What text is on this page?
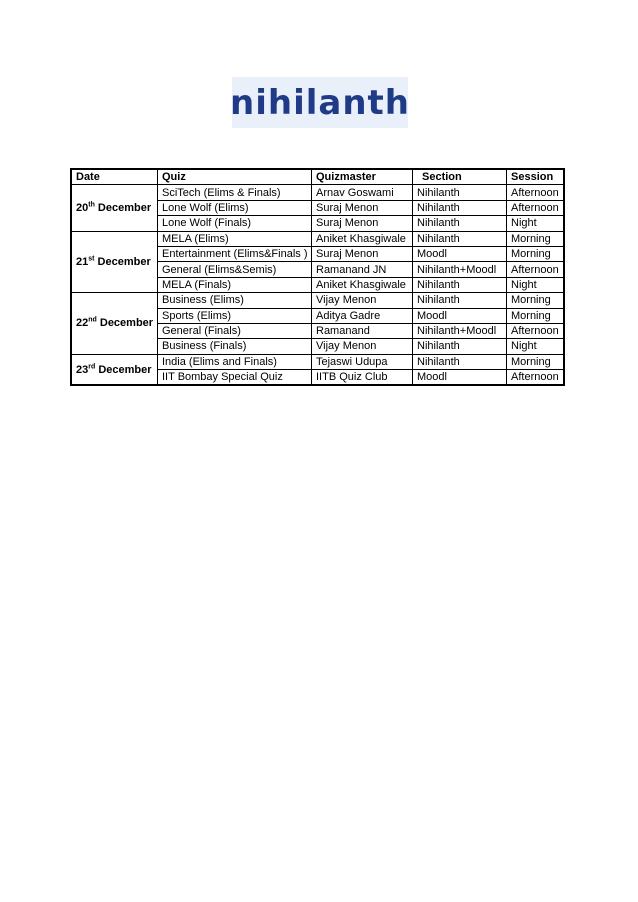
nihilanth
Date	Quiz	Quizmaster	Section	Session
20th December	SciTech (Elims & Finals)	Arnav Goswami	Nihilanth	Afternoon
	Lone Wolf (Elims)	Suraj Menon	Nihilanth	Afternoon
	Lone Wolf (Finals)	Suraj Menon	Nihilanth	Night
21st December	MELA (Elims)	Aniket Khasgiwale	Nihilanth	Morning
	Entertainment (Elims&Finals )	Suraj Menon	Moodl	Morning
	General (Elims&Semis)	Ramanand JN	Nihilanth+Moodl	Afternoon
	MELA (Finals)	Aniket Khasgiwale	Nihilanth	Night
22nd December	Business (Elims)	Vijay Menon	Nihilanth	Morning
	Sports (Elims)	Aditya Gadre	Moodl	Morning
	General (Finals)	Ramanand	Nihilanth+Moodl	Afternoon
	Business (Finals)	Vijay Menon	Nihilanth	Night
23rd December	India (Elims and Finals)	Tejaswi Udupa	Nihilanth	Morning
	IIT Bombay Special Quiz	IITB Quiz Club	Moodl	Afternoon
